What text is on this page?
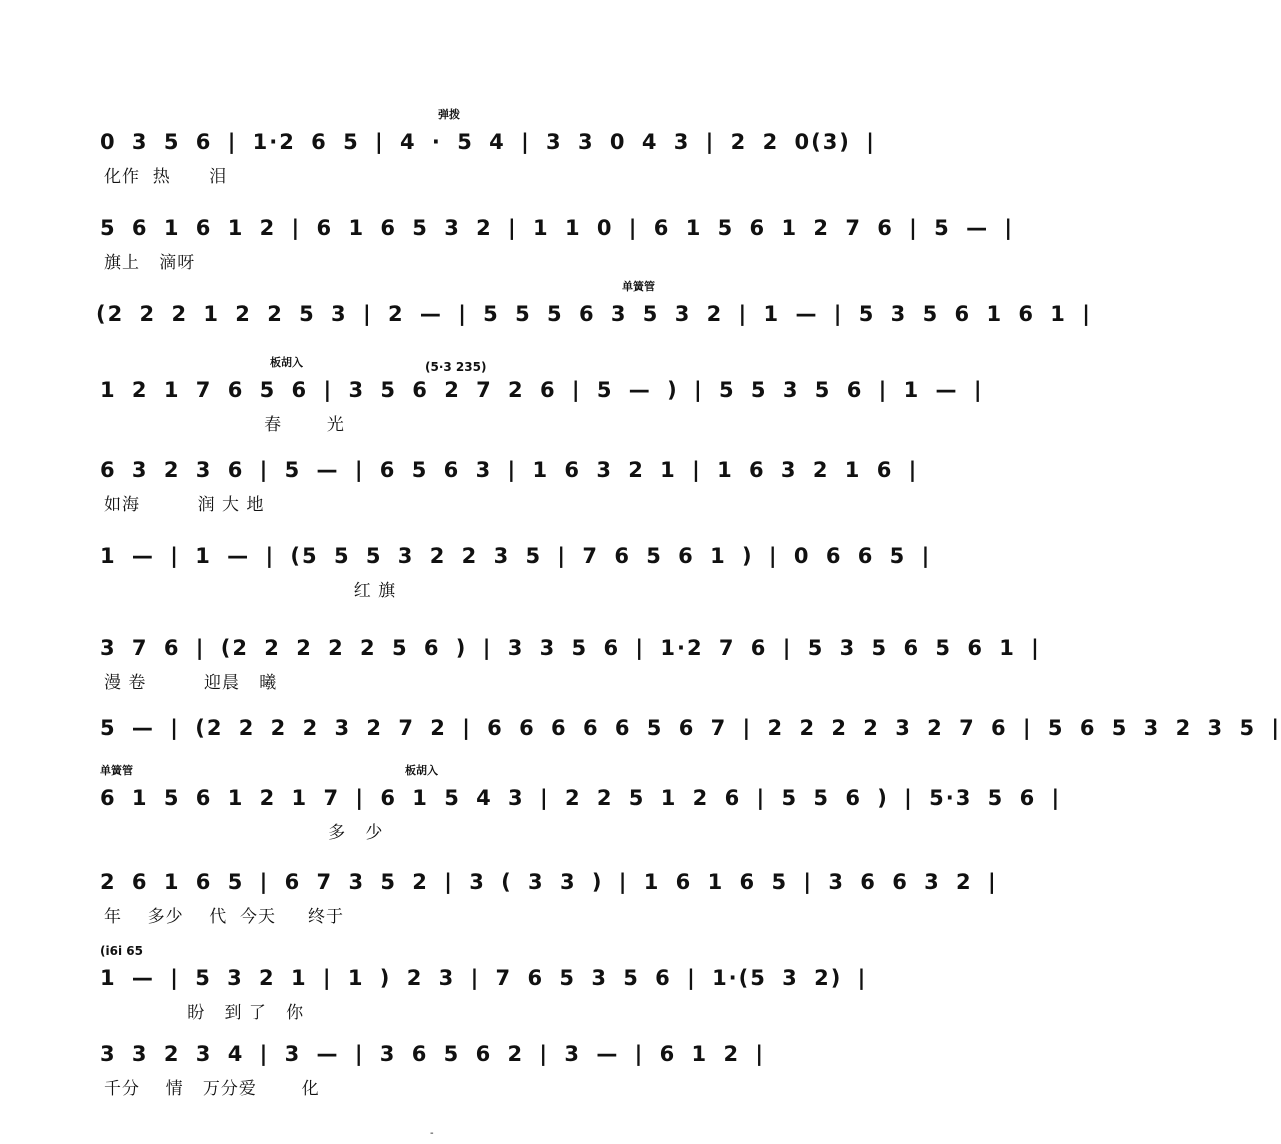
弹拨
0 3 5 6 | 1·2 6 5 | 4 · 5 4 | 3 3 0 4 3 | 2 2 0(3) |
化作  热      泪
5 6 1 6 1 2 | 6 1 6 5 3 2 | 1 1 0 | 6 1 5 6 1 2 7 6 | 5 — |
旗上   滴呀
单簧管
(2 2 2 1 2 2 5 3 | 2 — | 5 5 5 6 3 5 3 2 | 1 — | 5 3 5 6 1 6 1 |
板胡入	(5·3 235)
1 2 1 7 6 5 6 | 3 5 6 2 7 2 6 | 5 — ) | 5 5 3 5 6 | 1 — |
春       光
6 3 2 3 6 | 5 — | 6 5 6 3 | 1 6 3 2 1 | 1 6 3 2 1 6 |
如海         润 大 地
1 — | 1 — | (5 5 5 3 2 2 3 5 | 7 6 5 6 1 ) | 0 6 6 5 |
红 旗
3 7 6 | (2 2 2 2 2 5 6 ) | 3 3 5 6 | 1·2 7 6 | 5 3 5 6 5 6 1 |
漫 卷         迎晨   曦
5 — | (2 2 2 2 3 2 7 2 | 6 6 6 6 6 5 6 7 | 2 2 2 2 3 2 7 6 | 5 6 5 3 2 3 5 |
单簧管	板胡入
6 1 5 6 1 2 1 7 | 6 1 5 4 3 | 2 2 5 1 2 6 | 5 5 6 ) | 5·3 5 6 |
多   少
2 6 1 6 5 | 6 7 3 5 2 | 3 ( 3 3 ) | 1 6 1 6 5 | 3 6 6 3 2 |
年    多少    代  今天     终于
(i6i 65
1 — | 5 3 2 1 | 1 ) 2 3 | 7 6 5 3 5 6 | 1·(5 3 2) |
盼   到 了   你
3 3 2 3 4 | 3 — | 3 6 5 6 2 | 3 — | 6 1 2 |
千分    情   万分爱       化
-
